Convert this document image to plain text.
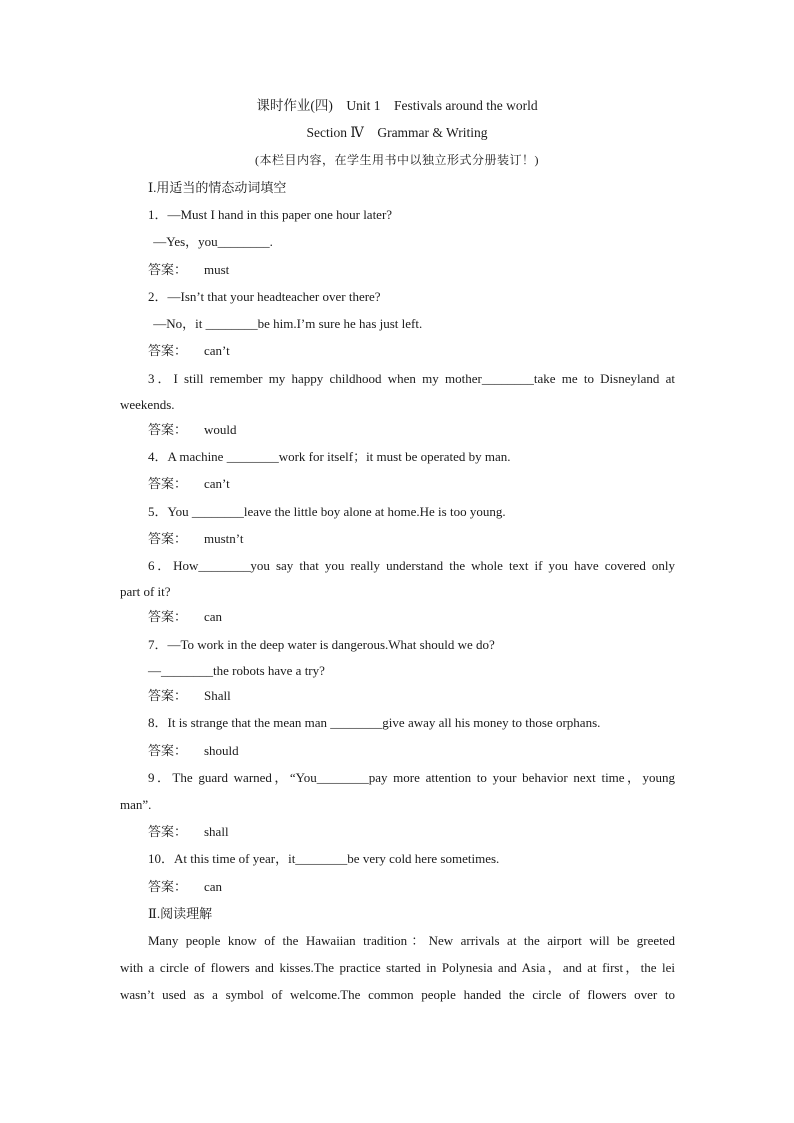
课时作业(四)　Unit 1　Festivals around the world
Section Ⅳ　Grammar & Writing
(本栏目内容，在学生用书中以独立形式分册装订！)
Ⅰ.用适当的情态动词填空
1．—Must I hand in this paper one hour later?
—Yes，you________.
答案： must
2．—Isn’t that your headteacher over there?
—No，it ________be him.I’m sure he has just left.
答案： can’t
3．I still remember my happy childhood when my mother________take me to Disneyland at
weekends.
答案： would
4．A machine ________work for itself；it must be operated by man.
答案： can’t
5．You ________leave the little boy alone at home.He is too young.
答案： mustn’t
6．How________you say that you really understand the whole text if you have covered only
part of it?
答案： can
7．—To work in the deep water is dangerous.What should we do?
—________the robots have a try?
答案： Shall
8．It is strange that the mean man ________give away all his money to those orphans.
答案： should
9．The guard warned，“You________pay more attention to your behavior next time，young
man”.
答案： shall
10．At this time of year，it________be very cold here sometimes.
答案： can
Ⅱ.阅读理解
Many people know of the Hawaiian tradition：New arrivals at the airport will be greeted
with a circle of flowers and kisses.The practice started in Polynesia and Asia，and at first，the lei
wasn’t used as a symbol of welcome.The common people handed the circle of flowers over to
